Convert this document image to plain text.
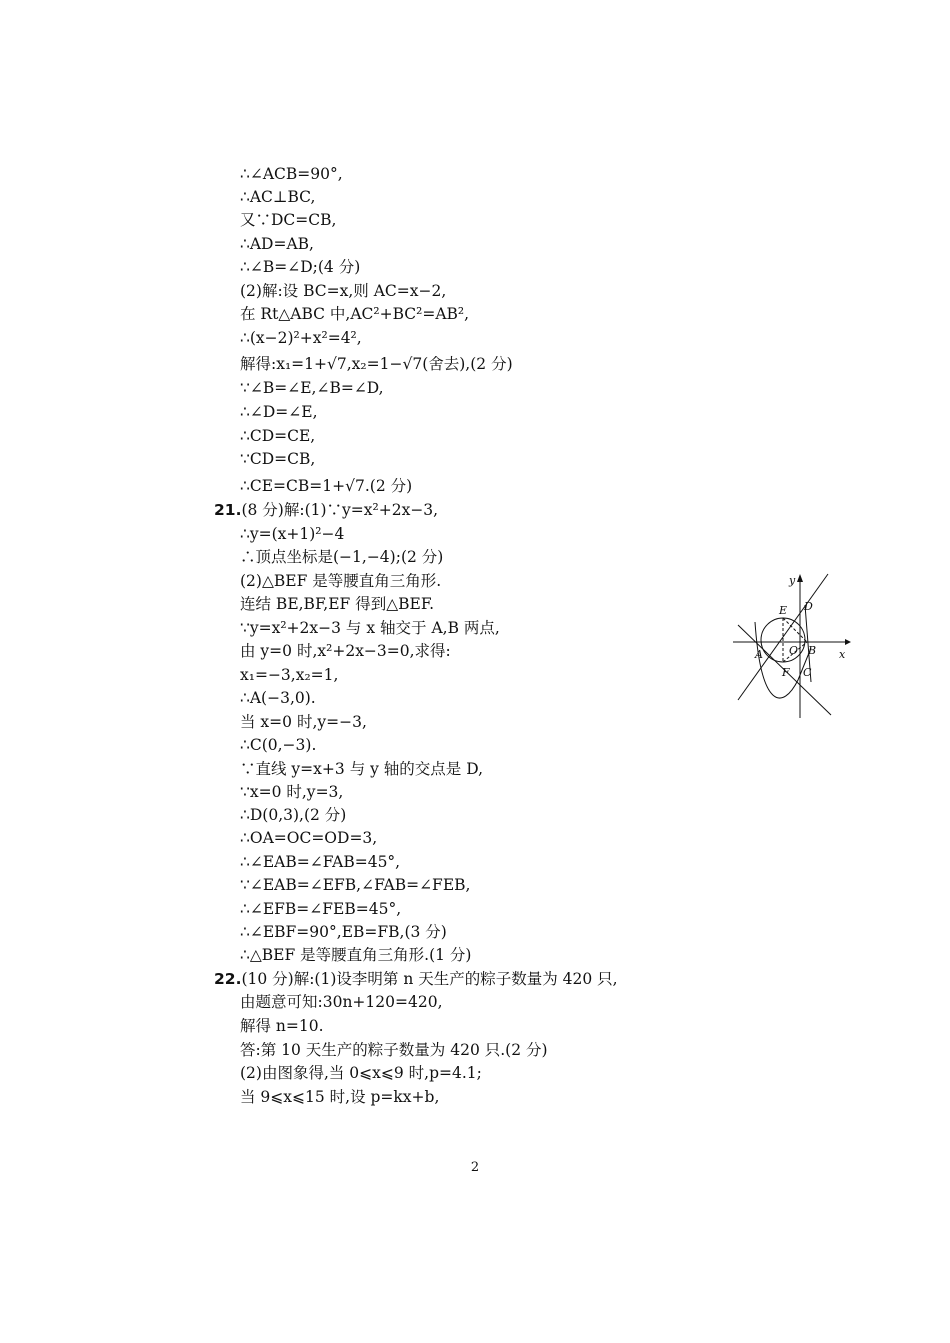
∴∠ACB=90°,
∴AC⊥BC,
又∵DC=CB,
∴AD=AB,
∴∠B=∠D;(4 分)
(2)解:设 BC=x,则 AC=x−2,
在 Rt△ABC 中,AC²+BC²=AB²,
∴(x−2)²+x²=4²,
解得:x₁=1+√7,x₂=1−√7(舍去),(2 分)
∵∠B=∠E,∠B=∠D,
∴∠D=∠E,
∴CD=CE,
∵CD=CB,
∴CE=CB=1+√7.(2 分)
21.(8 分)解:(1)∵y=x²+2x−3,
∴y=(x+1)²−4
∴顶点坐标是(−1,−4);(2 分)
(2)△BEF 是等腰直角三角形.
连结 BE,BF,EF 得到△BEF.
∵y=x²+2x−3 与 x 轴交于 A,B 两点,
由 y=0 时,x²+2x−3=0,求得:
x₁=−3,x₂=1,
∴A(−3,0).
当 x=0 时,y=−3,
∴C(0,−3).
∵直线 y=x+3 与 y 轴的交点是 D,
∵x=0 时,y=3,
∴D(0,3),(2 分)
∴OA=OC=OD=3,
∴∠EAB=∠FAB=45°,
∵∠EAB=∠EFB,∠FAB=∠FEB,
∴∠EFB=∠FEB=45°,
∴∠EBF=90°,EB=FB,(3 分)
∴△BEF 是等腰直角三角形.(1 分)
22.(10 分)解:(1)设李明第 n 天生产的粽子数量为 420 只,
由题意可知:30n+120=420,
解得 n=10.
答:第 10 天生产的粽子数量为 420 只.(2 分)
(2)由图象得,当 0⩽x⩽9 时,p=4.1;
当 9⩽x⩽15 时,设 p=kx+b,
y
x
A	B
C
D
E
F
O
2
